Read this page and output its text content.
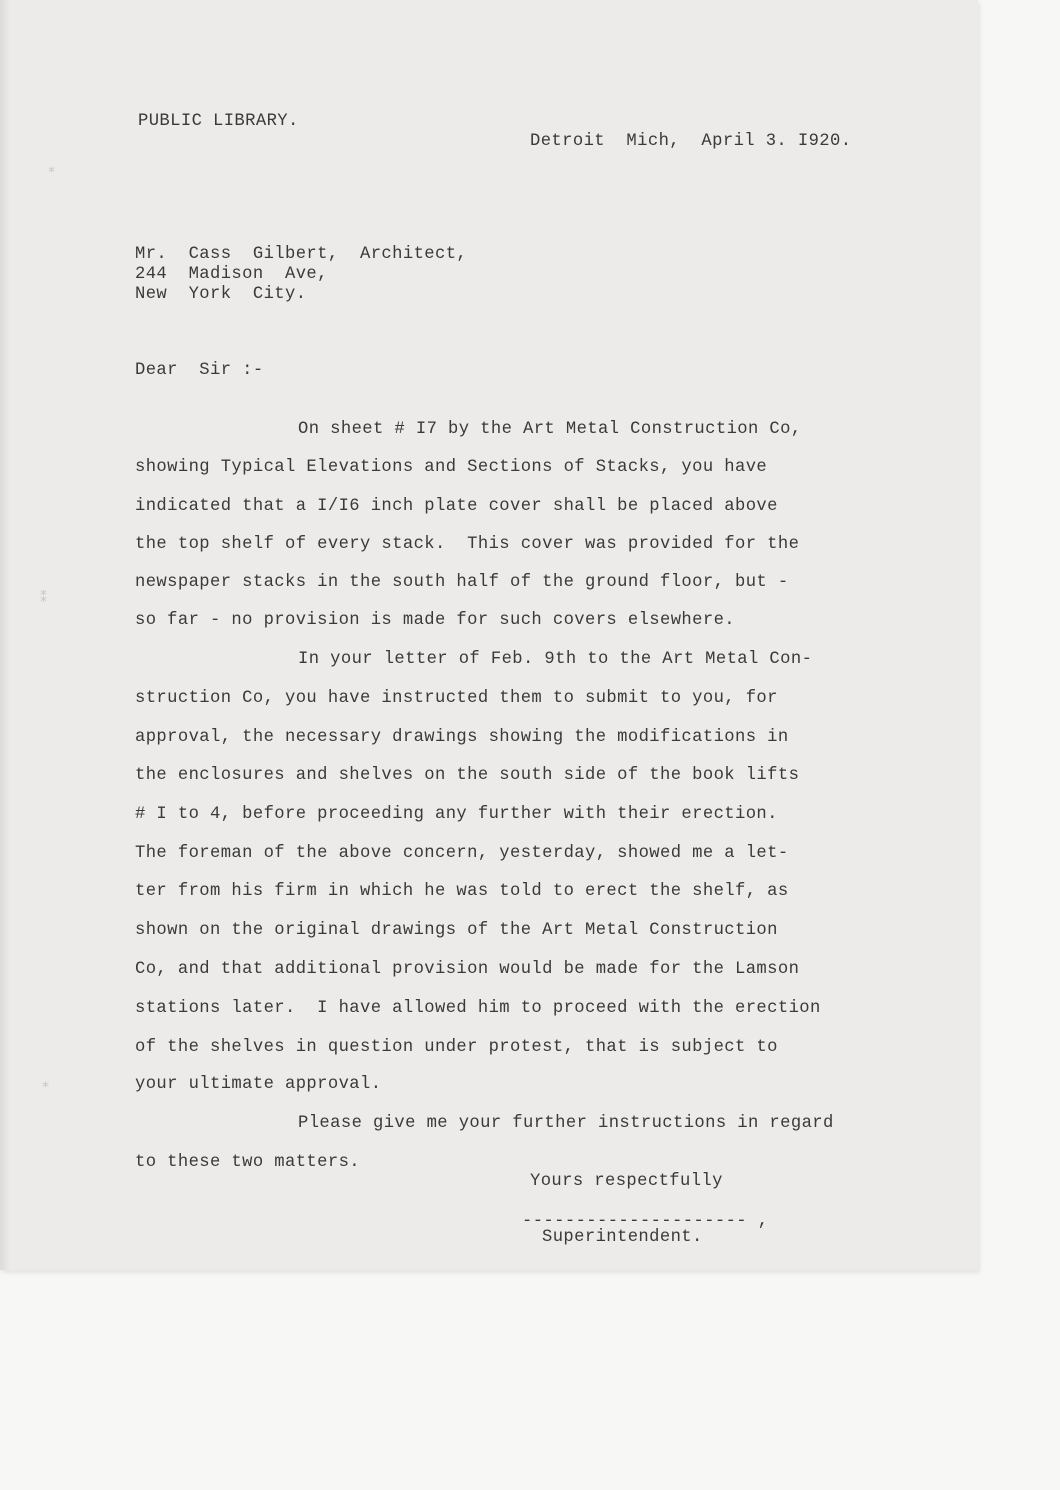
⁎
⁑
⁎
PUBLIC LIBRARY.
Detroit  Mich,  April 3. I920.
Mr.  Cass  Gilbert,  Architect,
244  Madison  Ave,
New  York  City.
Dear  Sir :-
On sheet # I7 by the Art Metal Construction Co,
showing Typical Elevations and Sections of Stacks, you have
indicated that a I/I6 inch plate cover shall be placed above
the top shelf of every stack.  This cover was provided for the
newspaper stacks in the south half of the ground floor, but -
so far - no provision is made for such covers elsewhere.
In your letter of Feb. 9th to the Art Metal Con-
struction Co, you have instructed them to submit to you, for
approval, the necessary drawings showing the modifications in
the enclosures and shelves on the south side of the book lifts
# I to 4, before proceeding any further with their erection.
The foreman of the above concern, yesterday, showed me a let-
ter from his firm in which he was told to erect the shelf, as
shown on the original drawings of the Art Metal Construction
Co, and that additional provision would be made for the Lamson
stations later.  I have allowed him to proceed with the erection
of the shelves in question under protest, that is subject to
your ultimate approval.
Please give me your further instructions in regard
to these two matters.
Yours respectfully
--------------------- ,
Superintendent.
